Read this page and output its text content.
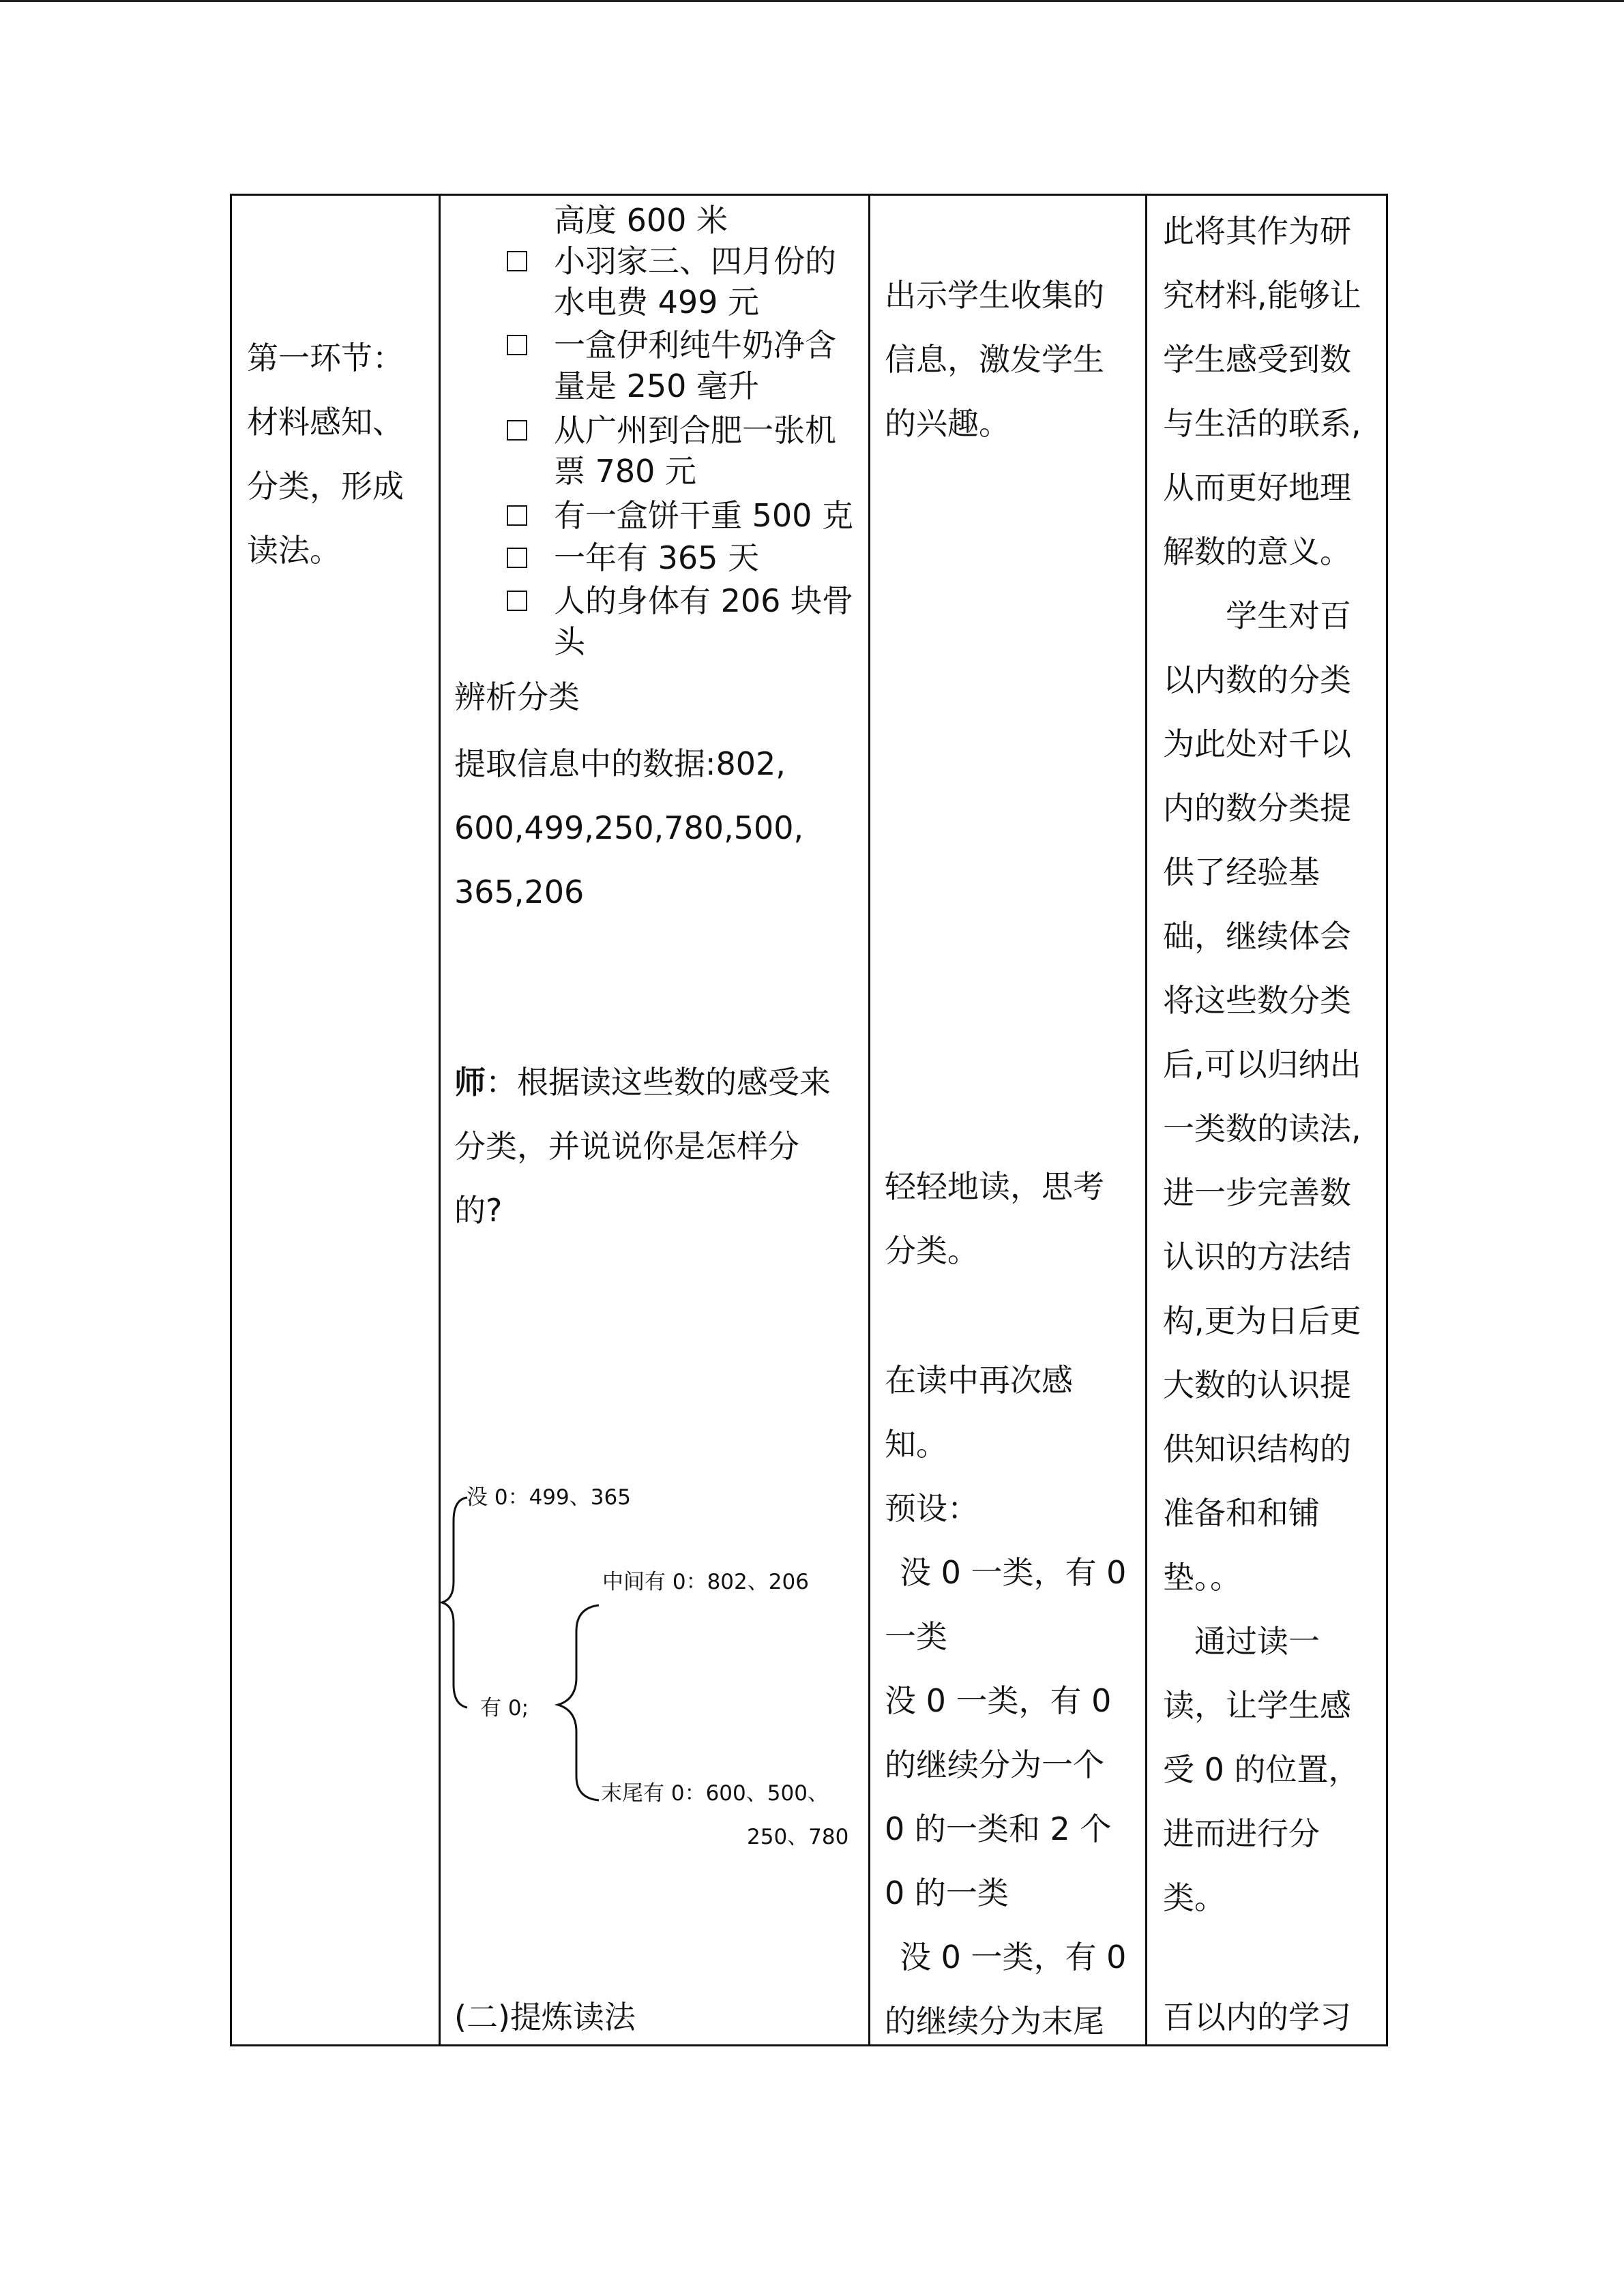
第一环节：
材料感知、
分类，形成
读法。
高度 600 米
小羽家三、四月份的
水电费 499 元
一盒伊利纯牛奶净含
量是 250 毫升
从广州到合肥一张机
票 780 元
有一盒饼干重 500 克
一年有 365 天
人的身体有 206 块骨
头
辨析分类
提取信息中的数据:802,
600,499,250,780,500,
365,206
师：根据读这些数的感受来
分类，并说说你是怎样分
的?
没 0：499、365
有 0;
中间有 0：802、206
末尾有 0：600、500、
250、780
(二)提炼读法
出示学生收集的
信息，激发学生
的兴趣。
轻轻地读，思考
分类。
在读中再次感
知。
预设：
没 0 一类，有 0
一类
没 0 一类，有 0
的继续分为一个
0 的一类和 2 个
0 的一类
没 0 一类，有 0
的继续分为末尾
此将其作为研
究材料,能够让
学生感受到数
与生活的联系,
从而更好地理
解数的意义。
学生对百
以内数的分类
为此处对千以
内的数分类提
供了经验基
础，继续体会
将这些数分类
后,可以归纳出
一类数的读法,
进一步完善数
认识的方法结
构,更为日后更
大数的认识提
供知识结构的
准备和和铺
垫。。
通过读一
读，让学生感
受 0 的位置，
进而进行分
类。
百以内的学习
